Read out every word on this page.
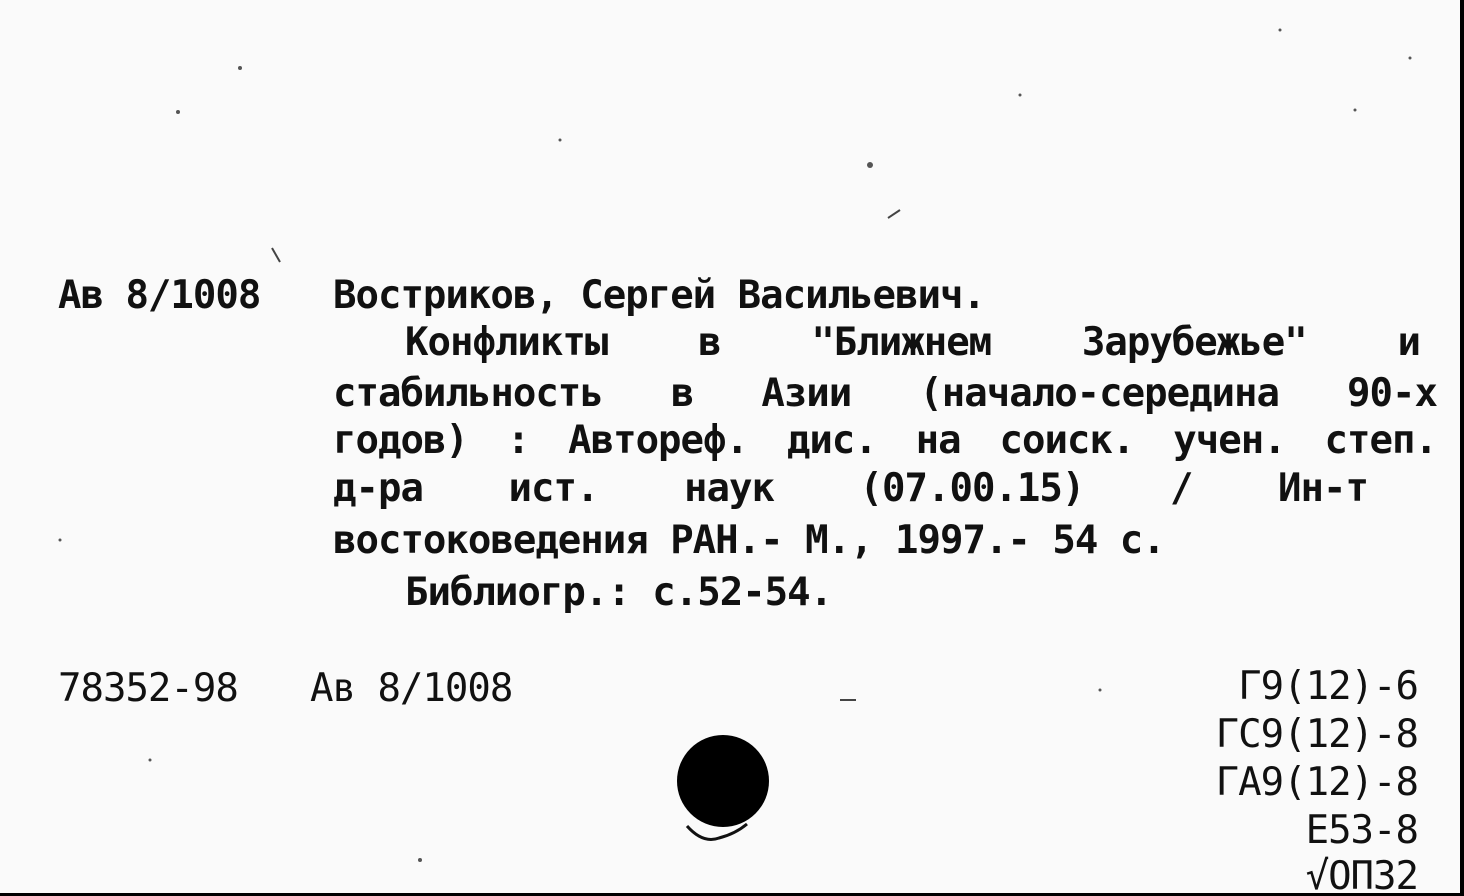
Ав 8/1008 Востриков, Сергей Васильевич.
Конфликты в "Ближнем Зарубежье" и
стабильность в Азии (начало-середина 90-х
годов) : Автореф. дис. на соиск. учен. степ.
д-ра ист. наук (07.00.15) / Ин-т
востоковедения РАН.- М., 1997.- 54 с.
Библиогр.: с.52-54.
78352-98 Ав 8/1008	Г9(12)-6
ГС9(12)-8
ГА9(12)-8
Е53-8
√ОП32
